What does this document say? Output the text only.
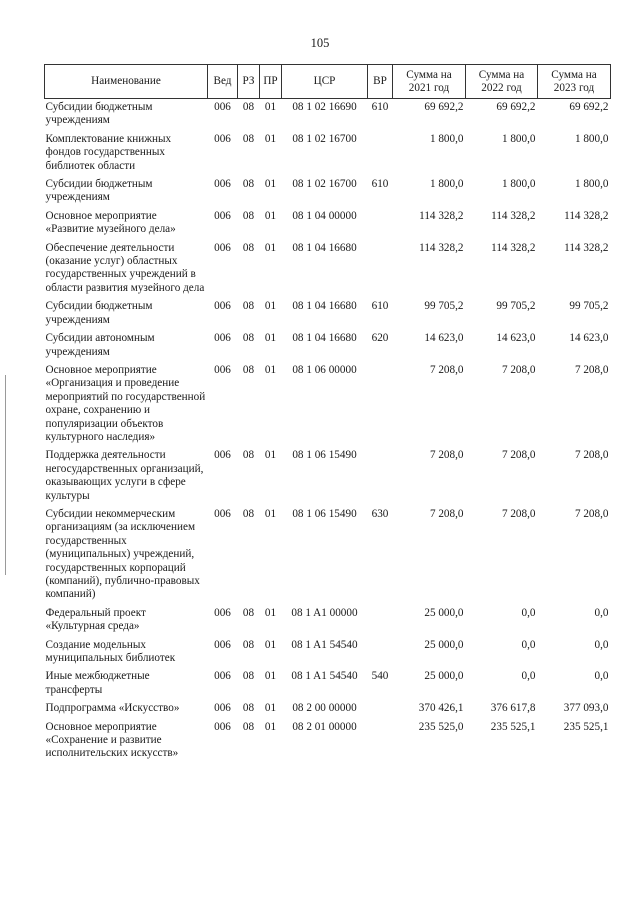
105
Наименование	Вед	РЗ	ПР	ЦСР	ВР	Сумма на 2021 год	Сумма на 2022 год	Сумма на 2023 год
Субсидии бюджетным учреждениям	006	08	01	08 1 02 16690	610	69 692,2	69 692,2	69 692,2
Комплектование книжных фондов государственных библиотек области	006	08	01	08 1 02 16700		1 800,0	1 800,0	1 800,0
Субсидии бюджетным учреждениям	006	08	01	08 1 02 16700	610	1 800,0	1 800,0	1 800,0
Основное мероприятие «Развитие музейного дела»	006	08	01	08 1 04 00000		114 328,2	114 328,2	114 328,2
Обеспечение деятельности (оказание услуг) областных государственных учреждений в области развития музейного дела	006	08	01	08 1 04 16680		114 328,2	114 328,2	114 328,2
Субсидии бюджетным учреждениям	006	08	01	08 1 04 16680	610	99 705,2	99 705,2	99 705,2
Субсидии автономным учреждениям	006	08	01	08 1 04 16680	620	14 623,0	14 623,0	14 623,0
Основное мероприятие «Организация и проведение мероприятий по государственной охране, сохранению и популяризации объектов культурного наследия»	006	08	01	08 1 06 00000		7 208,0	7 208,0	7 208,0
Поддержка деятельности негосударственных организаций, оказывающих услуги в сфере культуры	006	08	01	08 1 06 15490		7 208,0	7 208,0	7 208,0
Субсидии некоммерческим организациям (за исключением государственных (муниципальных) учреждений, государственных корпораций (компаний), публично-правовых компаний)	006	08	01	08 1 06 15490	630	7 208,0	7 208,0	7 208,0
Федеральный проект «Культурная среда»	006	08	01	08 1 A1 00000		25 000,0	0,0	0,0
Создание модельных муниципальных библиотек	006	08	01	08 1 A1 54540		25 000,0	0,0	0,0
Иные межбюджетные трансферты	006	08	01	08 1 A1 54540	540	25 000,0	0,0	0,0
Подпрограмма «Искусство»	006	08	01	08 2 00 00000		370 426,1	376 617,8	377 093,0
Основное мероприятие «Сохранение и развитие исполнительских искусств»	006	08	01	08 2 01 00000		235 525,0	235 525,1	235 525,1
